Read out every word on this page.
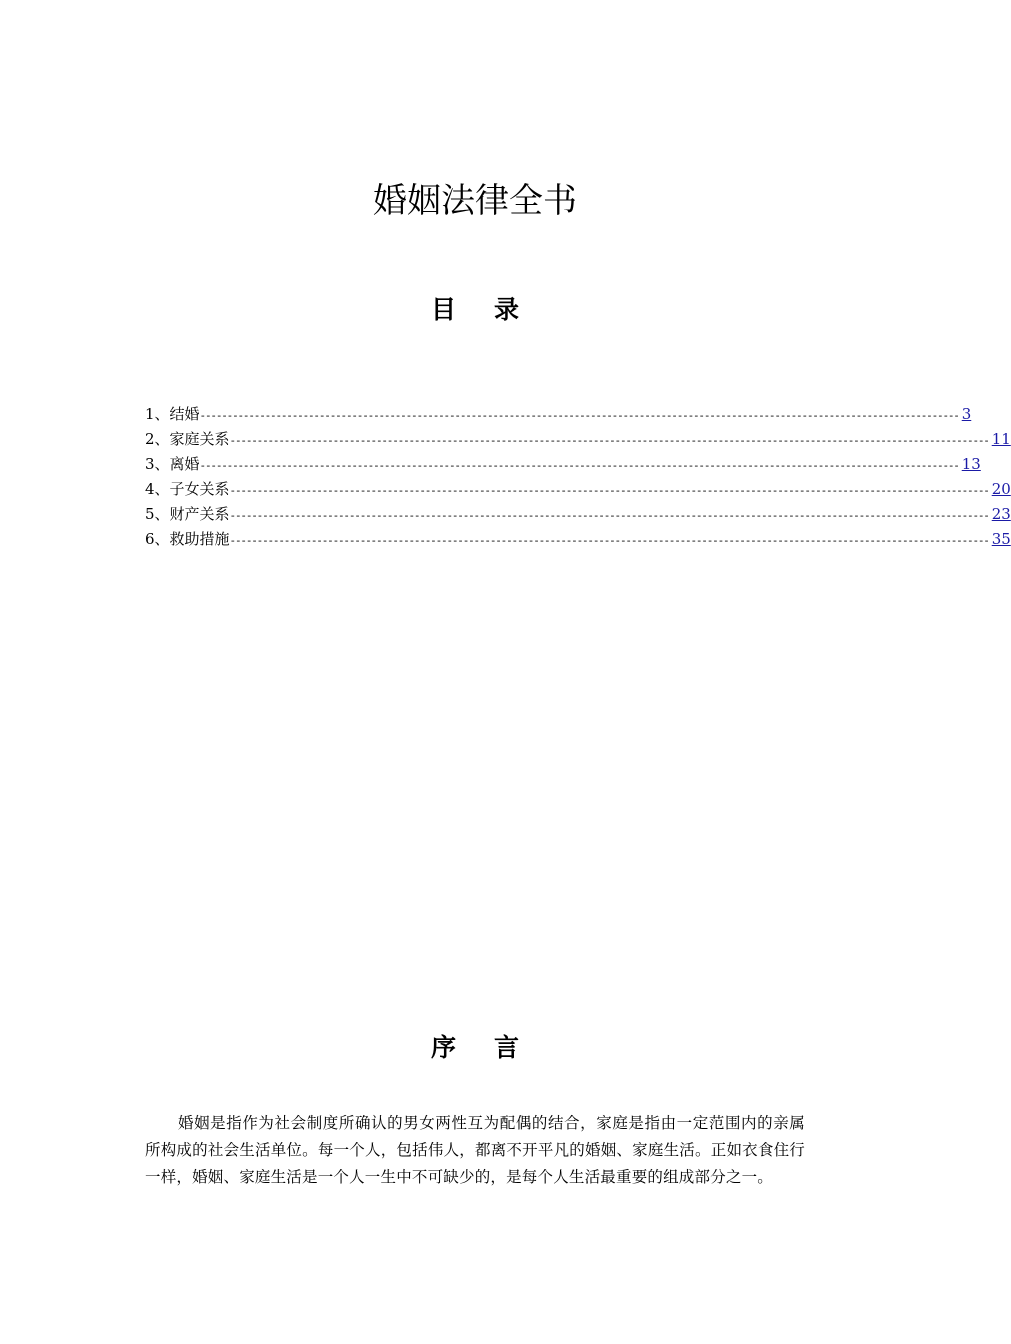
婚姻法律全书
目录
1、结婚 -------------------------------------------------------------------------------------------------------------------------------------------- 3
2、家庭关系 -------------------------------------------------------------------------------------------------------------------------------------------- 11
3、离婚 -------------------------------------------------------------------------------------------------------------------------------------------- 13
4、子女关系 -------------------------------------------------------------------------------------------------------------------------------------------- 20
5、财产关系 -------------------------------------------------------------------------------------------------------------------------------------------- 23
6、救助措施 -------------------------------------------------------------------------------------------------------------------------------------------- 35
序言

婚姻是指作为社会制度所确认的男女两性互为配偶的结合，家庭是指由一定范围内的亲属所构成的社会生活单位。每一个人，包括伟人，都离不开平凡的婚姻、家庭生活。正如衣食住行一样，婚姻、家庭生活是一个人一生中不可缺少的，是每个人生活最重要的组成部分之一。
